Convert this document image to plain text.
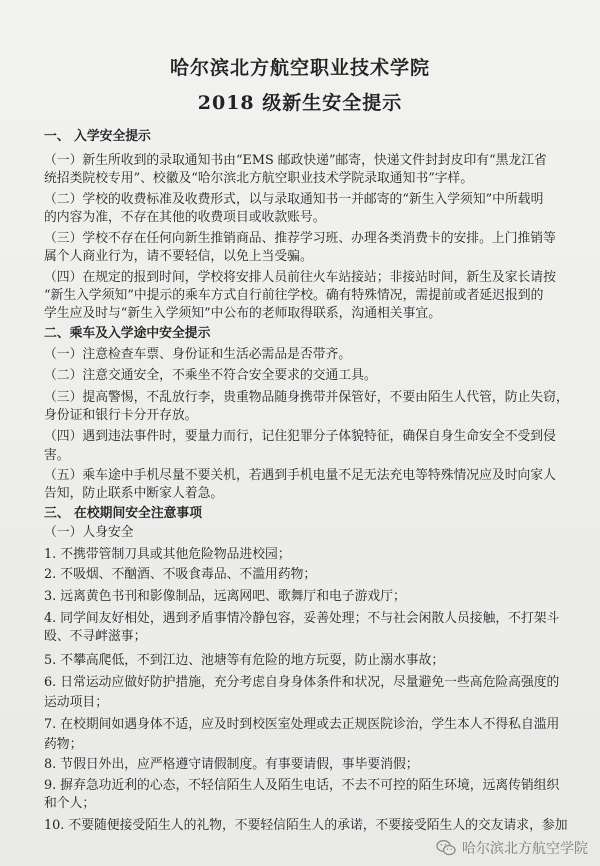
哈尔滨北方航空职业技术学院
2018 级新生安全提示
一、 入学安全提示
（一）新生所收到的录取通知书由“EMS 邮政快递”邮寄，快递文件封封皮印有“黑龙江省
统招类院校专用”、校徽及“哈尔滨北方航空职业技术学院录取通知书”字样。
（二）学校的收费标准及收费形式，以与录取通知书一并邮寄的“新生入学须知”中所载明
的内容为准，不存在其他的收费项目或收款账号。
（三）学校不存在任何向新生推销商品、推荐学习班、办理各类消费卡的安排。上门推销等
属个人商业行为，请不要轻信，以免上当受骗。
（四）在规定的报到时间，学校将安排人员前往火车站接站；非接站时间，新生及家长请按
“新生入学须知”中提示的乘车方式自行前往学校。确有特殊情况，需提前或者延迟报到的
学生应及时与“新生入学须知”中公布的老师取得联系，沟通相关事宜。
二、乘车及入学途中安全提示
（一）注意检查车票、身份证和生活必需品是否带齐。
（二）注意交通安全，不乘坐不符合安全要求的交通工具。
（三）提高警惕，不乱放行李，贵重物品随身携带并保管好，不要由陌生人代管，防止失窃，
身份证和银行卡分开存放。
（四）遇到违法事件时，要量力而行，记住犯罪分子体貌特征，确保自身生命安全不受到侵
害。
（五）乘车途中手机尽量不要关机，若遇到手机电量不足无法充电等特殊情况应及时向家人
告知，防止联系中断家人着急。
三、 在校期间安全注意事项
（一）人身安全
1. 不携带管制刀具或其他危险物品进校园；
2. 不吸烟、不酗酒、不吸食毒品、不滥用药物；
3. 远离黄色书刊和影像制品，远离网吧、歌舞厅和电子游戏厅；
4. 同学间友好相处，遇到矛盾事情冷静包容，妥善处理；不与社会闲散人员接触，不打架斗
殴、不寻衅滋事；
5. 不攀高爬低，不到江边、池塘等有危险的地方玩耍，防止溺水事故；
6. 日常运动应做好防护措施，充分考虑自身身体条件和状况，尽量避免一些高危险高强度的
运动项目；
7. 在校期间如遇身体不适，应及时到校医室处理或去正规医院诊治，学生本人不得私自滥用
药物；
8. 节假日外出，应严格遵守请假制度。有事要请假，事毕要消假；
9. 摒弃急功近利的心态，不轻信陌生人及陌生电话，不去不可控的陌生环境，远离传销组织
和个人；
10. 不要随便接受陌生人的礼物，不要轻信陌生人的承诺，不要接受陌生人的交友请求，参加
哈尔滨北方航空学院
